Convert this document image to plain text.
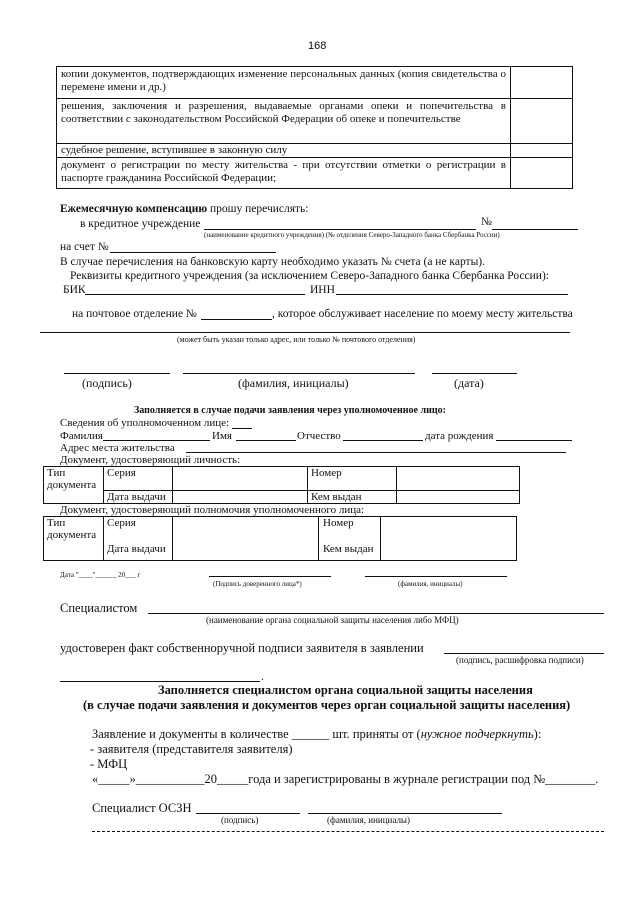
168
копии документов, подтверждающих изменение персональных данных (копия свидетельства о перемене имени и др.)
решения, заключения и разрешения, выдаваемые органами опеки и попечительства в соответствии с законодательством Российской Федерации об опеке и попечительстве
судебное решение, вступившее в законную силу
документ о регистрации по месту жительства - при отсутствии отметки о регистрации в паспорте гражданина Российской Федерации;
Ежемесячную компенсацию прошу перечислять:
в кредитное учреждение	№
(наименование кредитного учреждения) (№ отделения Северо-Западного банка Сбербанка России)
на счет №
В случае перечисления на банковскую карту необходимо указать № счета (а не карты).
Реквизиты кредитного учреждения (за исключением Северо-Западного банка Сбербанка России):
БИК	ИНН
на почтовое отделение №	, которое обслуживает население по моему месту жительства
(может быть указан только адрес, или только № почтового отделения)
(подпись)	(фамилия, инициалы)	(дата)
Заполняется в случае подачи заявления через уполномоченное лицо:
Сведения об уполномоченном лице:
Фамилия	Имя	Отчество	дата рождения
Адрес места жительства
Документ, удостоверяющий личность:
Тип
документа
Серия	Номер
Дата выдачи	Кем выдан
Документ, удостоверяющий полномочия уполномоченного лица:
Тип
документа
Серия	Номер
Дата выдачи	Кем выдан
Дата "____"______ 20___ г
(Подпись доверенного лица*)	(фамилия, инициалы)
Специалистом
(наименование органа социальной защиты населения либо МФЦ)
удостоверен факт собственноручной подписи заявителя в заявлении
(подпись, расшифровка подписи)
.
Заполняется специалистом органа социальной защиты населения
(в случае подачи заявления и документов через орган социальной защиты населения)
Заявление и документы в количестве ______ шт. приняты от (нужное подчеркнуть):
- заявителя (представителя заявителя)
- МФЦ
«_____»___________20_____года и зарегистрированы в журнале регистрации под №________.
Специалист ОСЗН
(подпись)	(фамилия, инициалы)
